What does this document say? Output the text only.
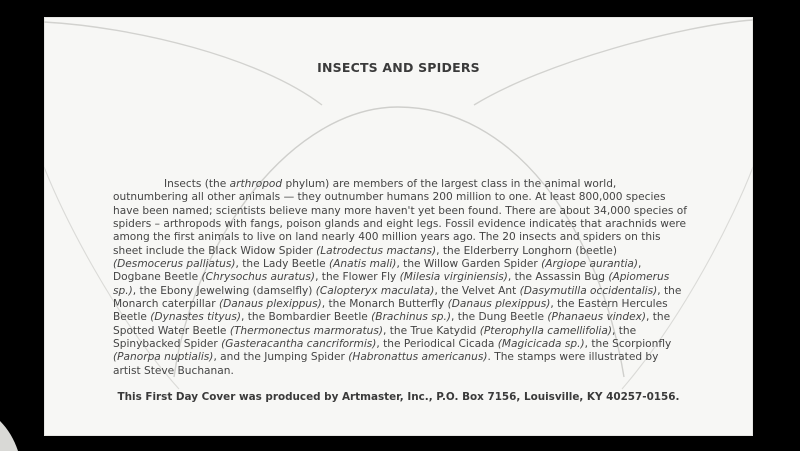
INSECTS AND SPIDERS
Insects (the arthropod phylum) are members of the largest class in the animal world, outnumbering all other animals — they outnumber humans 200 million to one. At least 800,000 species have been named; scientists believe many more haven't yet been found. There are about 34,000 species of spiders – arthropods with fangs, poison glands and eight legs. Fossil evidence indicates that arachnids were among the first animals to live on land nearly 400 million years ago. The 20 insects and spiders on this sheet include the Black Widow Spider (Latrodectus mactans), the Elderberry Longhorn (beetle) (Desmocerus palliatus), the Lady Beetle (Anatis mali), the Willow Garden Spider (Argiope aurantia), Dogbane Beetle (Chrysochus auratus), the Flower Fly (Milesia virginiensis), the Assassin Bug (Apiomerus sp.), the Ebony Jewelwing (damselfly) (Calopteryx maculata), the Velvet Ant (Dasymutilla occidentalis), the Monarch caterpillar (Danaus plexippus), the Monarch Butterfly (Danaus plexippus), the Eastern Hercules Beetle (Dynastes tityus), the Bombardier Beetle (Brachinus sp.), the Dung Beetle (Phanaeus vindex), the Spotted Water Beetle (Thermonectus marmoratus), the True Katydid (Pterophylla camellifolia), the Spinybacked Spider (Gasteracantha cancriformis), the Periodical Cicada (Magicicada sp.), the Scorpionfly (Panorpa nuptialis), and the Jumping Spider (Habronattus americanus). The stamps were illustrated by artist Steve Buchanan.
This First Day Cover was produced by Artmaster, Inc., P.O. Box 7156, Louisville, KY 40257-0156.
